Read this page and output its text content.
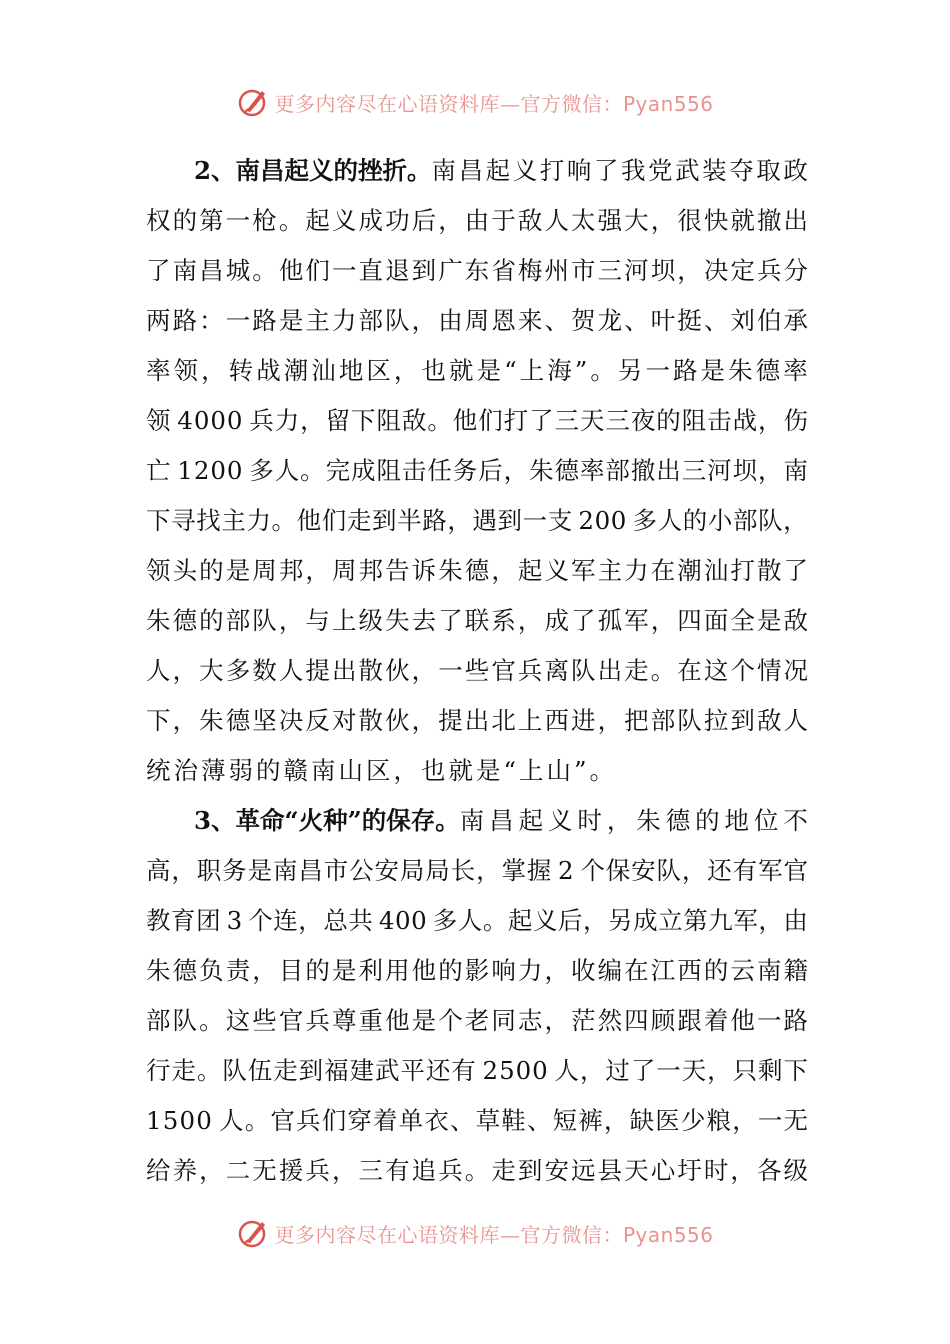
更多内容尽在心语资料库—官方微信：Pyan556
2、南昌起义的挫折。 南 昌 起 义 打 响 了 我 党 武 装 夺 取 政
权 的 第 一 枪 。 起 义 成 功 后 ， 由 于 敌 人 太 强 大 ， 很 快 就 撤 出
了 南 昌 城 。 他 们 一 直 退 到 广 东 省 梅 州 市 三 河 坝 ， 决 定 兵 分
两 路 ： 一 路 是 主 力 部 队 ， 由 周 恩 来 、 贺 龙 、 叶 挺 、 刘 伯 承
率 领 ， 转 战 潮 汕 地 区 ， 也 就 是 “ 上 海 ” 。 另 一 路 是 朱 德 率
领
  4 0 0 0
  兵 力 ， 留 下 阻 敌 。 他 们 打 了 三 天 三 夜 的 阻 击 战 ， 伤
亡
  1 2 0 0
  多 人 。 完 成 阻 击 任 务 后 ， 朱 德 率 部 撤 出 三 河 坝 ， 南
下 寻 找 主 力 。 他 们 走 到 半 路 ， 遇 到 一 支
  2 0 0
  多 人 的 小 部 队 ，
领 头 的 是 周 邦 ， 周 邦 告 诉 朱 德 ， 起 义 军 主 力 在 潮 汕 打 散 了
朱 德 的 部 队 ， 与 上 级 失 去 了 联 系 ， 成 了 孤 军 ， 四 面 全 是 敌
人 ， 大 多 数 人 提 出 散 伙 ， 一 些 官 兵 离 队 出 走 。 在 这 个 情 况
下 ， 朱 德 坚 决 反 对 散 伙 ， 提 出 北 上 西 进 ， 把 部 队 拉 到 敌 人
统治薄弱的赣南山区，也就是“上山”。
3、革命“火种”的保存。 南 昌 起 义 时 ， 朱 德 的 地 位 不
高 ， 职 务 是 南 昌 市 公 安 局 局 长 ， 掌 握
  2
  个 保 安 队 ， 还 有 军 官
教 育 团
  3
  个 连 ， 总 共
  4 0 0
  多 人 。 起 义 后 ， 另 成 立 第 九 军 ， 由
朱 德 负 责 ， 目 的 是 利 用 他 的 影 响 力 ， 收 编 在 江 西 的 云 南 籍
部 队 。 这 些 官 兵 尊 重 他 是 个 老 同 志 ， 茫 然 四 顾 跟 着 他 一 路
行 走 。 队 伍 走 到 福 建 武 平 还 有
  2 5 0 0
  人 ， 过 了 一 天 ， 只 剩 下
1 5 0 0
  人 。 官 兵 们 穿 着 单 衣 、 草 鞋 、 短 裤 ， 缺 医 少 粮 ， 一 无
给 养 ， 二 无 援 兵 ， 三 有 追 兵 。 走 到 安 远 县 天 心 圩 时 ， 各 级
更多内容尽在心语资料库—官方微信：Pyan556
